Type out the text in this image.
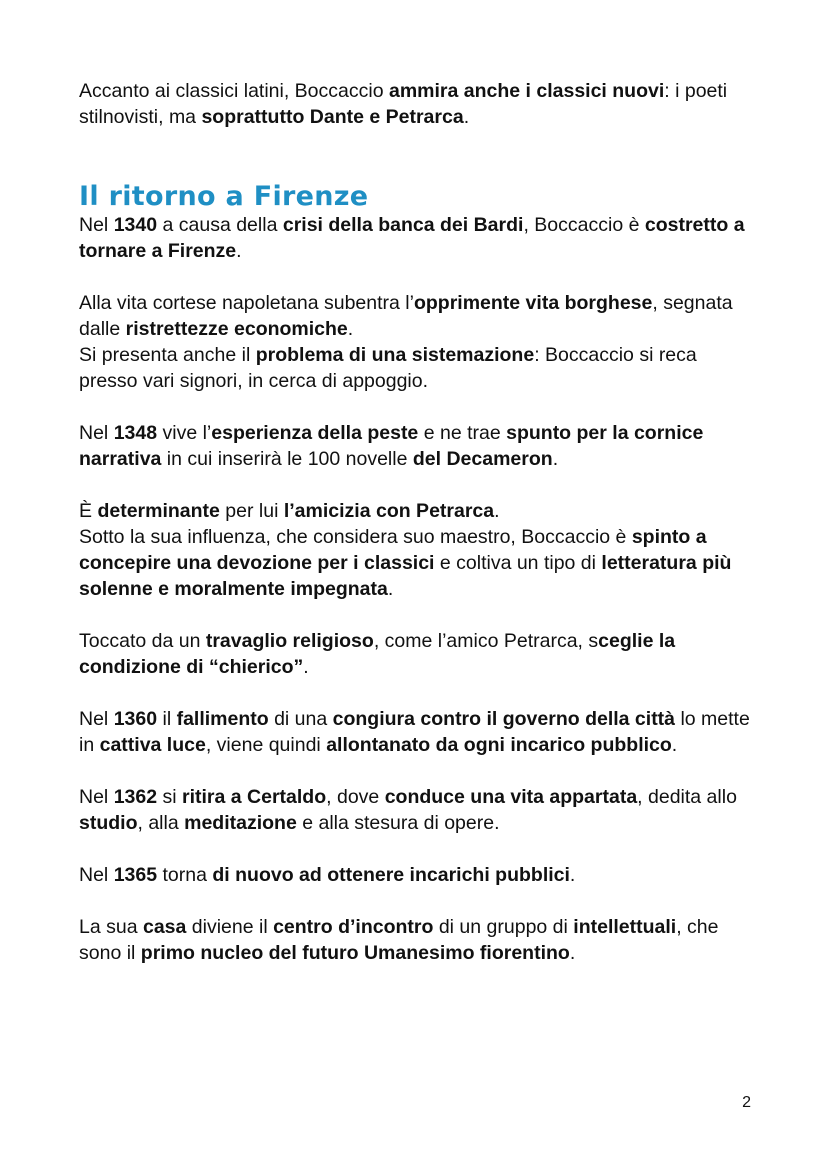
Accanto ai classici latini, Boccaccio ammira anche i classici nuovi: i poeti stilnovisti, ma soprattutto Dante e Petrarca.

Il ritorno a Firenze

Nel 1340 a causa della crisi della banca dei Bardi, Boccaccio è costretto a tornare a Firenze.

Alla vita cortese napoletana subentra l’opprimente vita borghese, segnata dalle ristrettezze economiche.

Si presenta anche il problema di una sistemazione: Boccaccio si reca presso vari signori, in cerca di appoggio.

Nel 1348 vive l’esperienza della peste e ne trae spunto per la cornice narrativa in cui inserirà le 100 novelle del Decameron.

È determinante per lui l’amicizia con Petrarca.

Sotto la sua influenza, che considera suo maestro, Boccaccio è spinto a concepire una devozione per i classici e coltiva un tipo di letteratura più solenne e moralmente impegnata.

Toccato da un travaglio religioso, come l’amico Petrarca, sceglie la condizione di “chierico”.

Nel 1360 il fallimento di una congiura contro il governo della città lo mette in cattiva luce, viene quindi allontanato da ogni incarico pubblico.

Nel 1362 si ritira a Certaldo, dove conduce una vita appartata, dedita allo studio, alla meditazione e alla stesura di opere.

Nel 1365 torna di nuovo ad ottenere incarichi pubblici.

La sua casa diviene il centro d’incontro di un gruppo di intellettuali, che sono il primo nucleo del futuro Umanesimo fiorentino.

2
